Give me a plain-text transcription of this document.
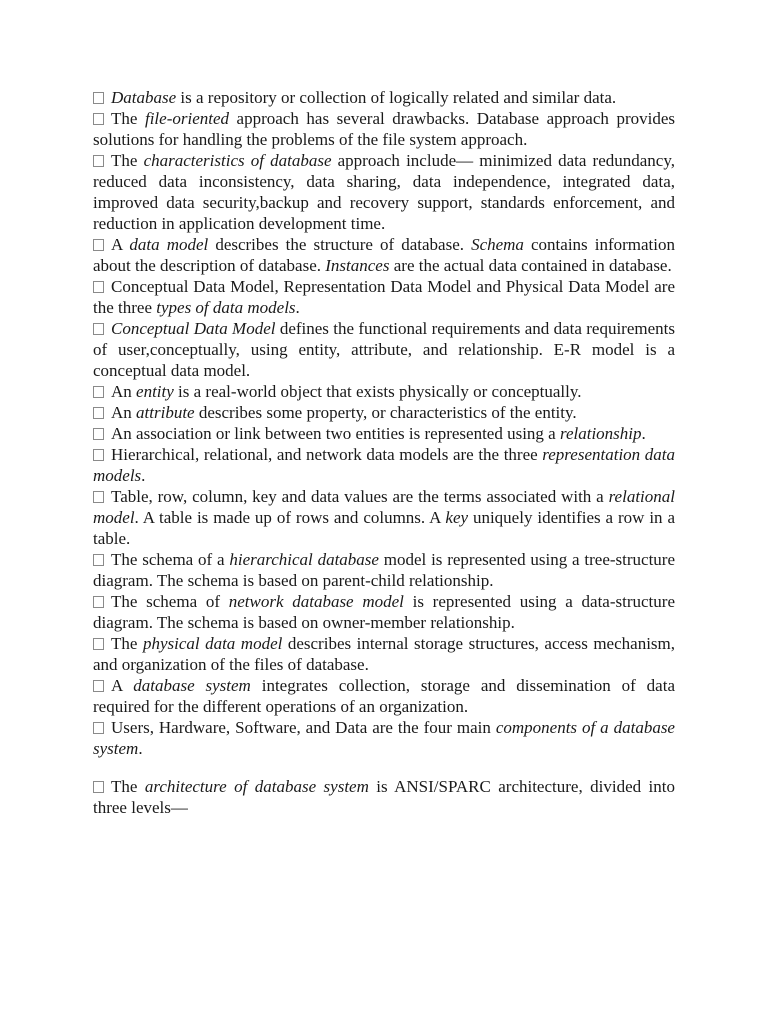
Database is a repository or collection of logically related and similar data.

The file-oriented approach has several drawbacks. Database approach provides solutions for handling the problems of the file system approach.

The characteristics of database approach include— minimized data redundancy, reduced data inconsistency, data sharing, data independence, integrated data, improved data security,backup and recovery support, standards enforcement, and reduction in application development time.

A data model describes the structure of database. Schema contains information about the description of database. Instances are the actual data contained in database.

Conceptual Data Model, Representation Data Model and Physical Data Model are the three types of data models.

Conceptual Data Model defines the functional requirements and data requirements of user,conceptually, using entity, attribute, and relationship. E-R model is a conceptual data model.

An entity is a real-world object that exists physically or conceptually.

An attribute describes some property, or characteristics of the entity.

An association or link between two entities is represented using a relationship.

Hierarchical, relational, and network data models are the three representation data models.

Table, row, column, key and data values are the terms associated with a relational model. A table is made up of rows and columns. A key uniquely identifies a row in a table.

The schema of a hierarchical database model is represented using a tree-structure diagram. The schema is based on parent-child relationship.

The schema of network database model is represented using a data-structure diagram. The schema is based on owner-member relationship.

The physical data model describes internal storage structures, access mechanism, and organization of the files of database.

A database system integrates collection, storage and dissemination of data required for the different operations of an organization.

Users, Hardware, Software, and Data are the four main components of a database system.

The architecture of database system is ANSI/SPARC architecture, divided into three levels—
